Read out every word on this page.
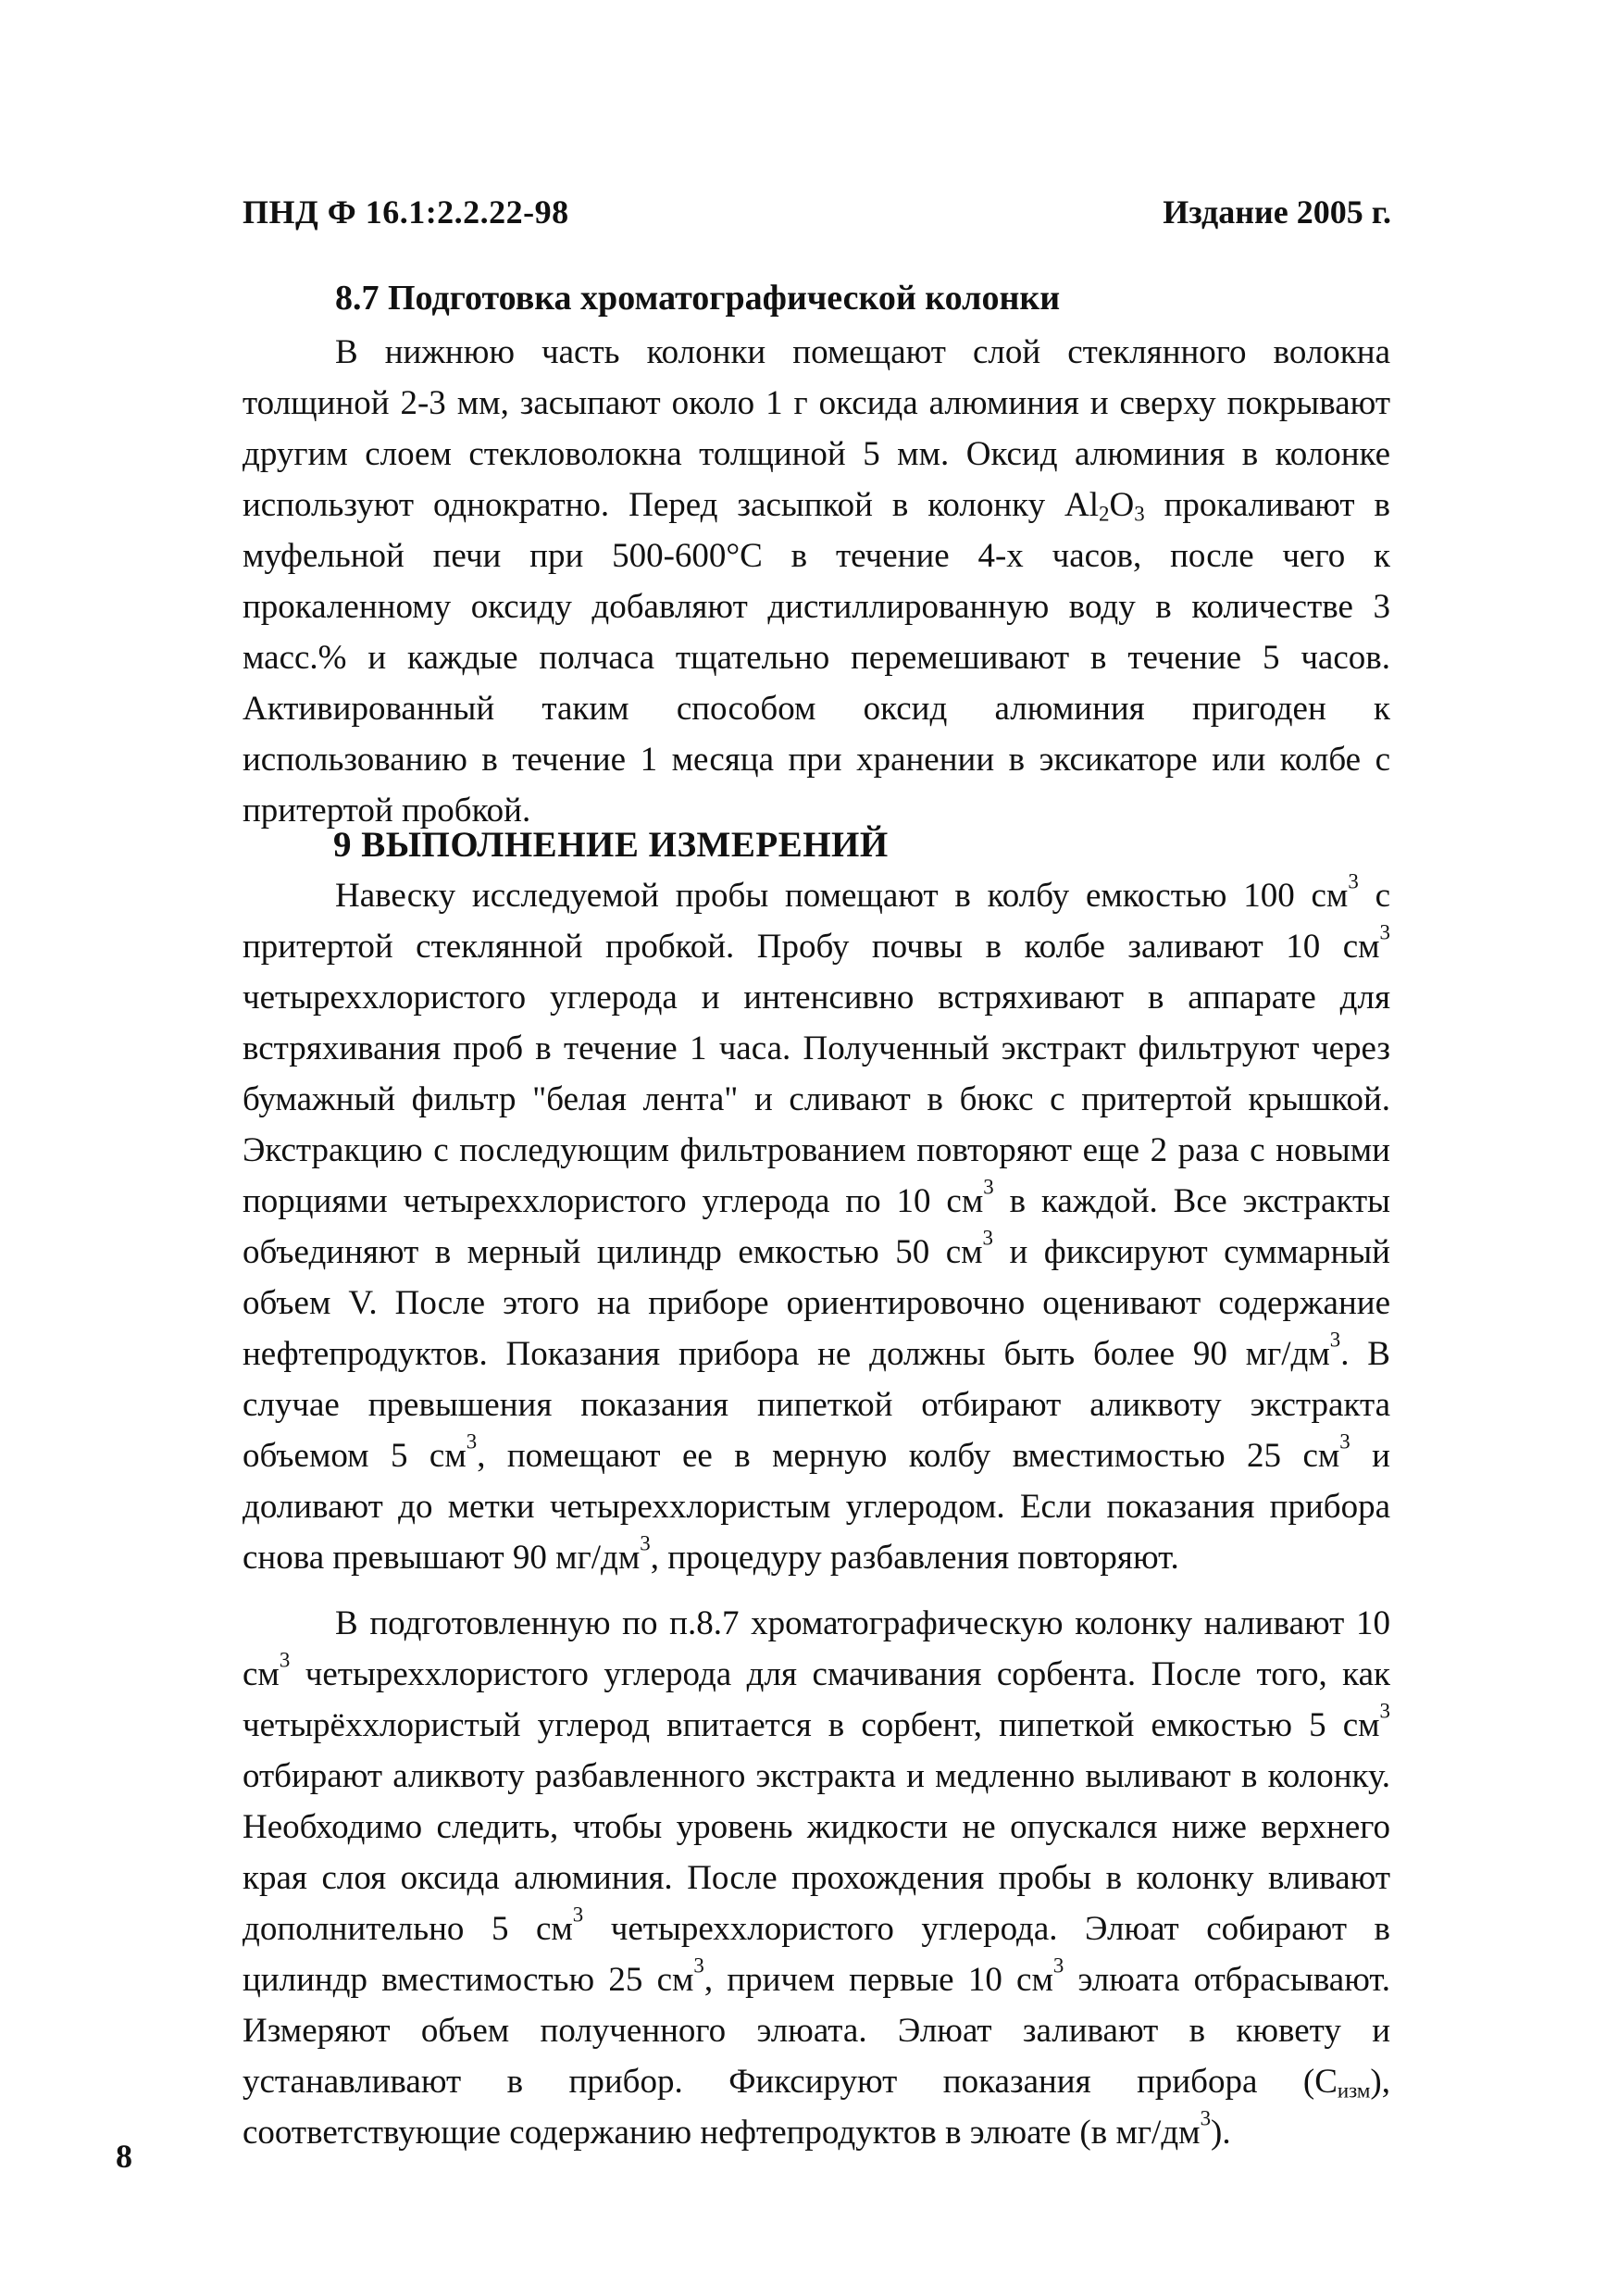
ПНД Ф 16.1:2.2.22-98	Издание 2005 г.
8.7 Подготовка хроматографической колонки

В нижнюю часть колонки помещают слой стеклянного волокна толщиной 2-3 мм, засыпают около 1 г оксида алюминия и сверху покрывают другим слоем стекловолокна толщиной 5 мм. Оксид алюминия в колонке используют однократно. Перед засыпкой в колонку $Al_2O_3$ прокаливают в муфельной печи при 500-600°С в течение 4-х часов, после чего к прокаленному оксиду добавляют дистиллированную воду в количестве 3 масс.% и каждые полчаса тщательно перемешивают в течение 5 часов. Активированный таким способом оксид алюминия пригоден к использованию в течение 1 месяца при хранении в эксикаторе или колбе с притертой пробкой.

9 ВЫПОЛНЕНИЕ ИЗМЕРЕНИЙ

Навеску исследуемой пробы помещают в колбу емкостью 100 $см^3$ с притертой стеклянной пробкой. Пробу почвы в колбе заливают 10 $см^3$ четыреххлористого углерода и интенсивно встряхивают в аппарате для встряхивания проб в течение 1 часа. Полученный экстракт фильтруют через бумажный фильтр "белая лента" и сливают в бюкс с притертой крышкой. Экстракцию с последующим фильтрованием повторяют еще 2 раза с новыми порциями четыреххлористого углерода по 10 $см^3$ в каждой. Все экстракты объединяют в мерный цилиндр емкостью 50 $см^3$ и фиксируют суммарный объем V. После этого на приборе ориентировочно оценивают содержание нефтепродуктов. Показания прибора не должны быть более 90 $мг/дм^3$. В случае превышения показания пипеткой отбирают аликвоту экстракта объемом 5 $см^3$, помещают ее в мерную колбу вместимостью 25 $см^3$ и доливают до метки четыреххлористым углеродом. Если показания прибора снова превышают 90 $мг/дм^3$, процедуру разбавления повторяют.

В подготовленную по п.8.7 хроматографическую колонку наливают 10 $см^3$ четыреххлористого углерода для смачивания сорбента. После того, как четырёххлористый углерод впитается в сорбент, пипеткой емкостью 5 $см^3$ отбирают аликвоту разбавленного экстракта и медленно выливают в колонку. Необходимо следить, чтобы уровень жидкости не опускался ниже верхнего края слоя оксида алюминия. После прохождения пробы в колонку вливают дополнительно 5 $см^3$ четыреххлористого углерода. Элюат собирают в цилиндр вместимостью 25 $см^3$, причем первые 10 $см^3$ элюата отбрасывают. Измеряют объем полученного элюата. Элюат заливают в кювету и устанавливают в прибор. Фиксируют показания прибора $(С_{изм})$, соответствующие содержанию нефтепродуктов в элюате (в $мг/дм^3$).

8
